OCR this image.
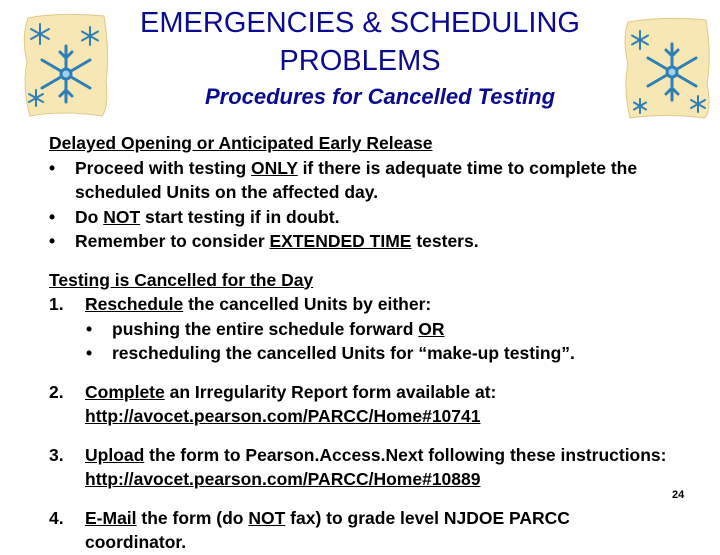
EMERGENCIES & SCHEDULING
PROBLEMS
Procedures for Cancelled Testing
Delayed Opening or Anticipated Early Release
• Proceed with testing ONLY if there is adequate time to complete the scheduled Units on the affected day.
• Do NOT start testing if in doubt.
• Remember to consider EXTENDED TIME testers.
Testing is Cancelled for the Day
1. Reschedule the cancelled Units by either:
• pushing the entire schedule forward OR
• rescheduling the cancelled Units for “make-up testing”.
2. Complete an Irregularity Report form available at:
http://avocet.pearson.com/PARCC/Home#10741
3. Upload the form to Pearson.Access.Next following these instructions: http://avocet.pearson.com/PARCC/Home#10889
4. E-Mail the form (do NOT fax) to grade level NJDOE PARCC coordinator.
24
